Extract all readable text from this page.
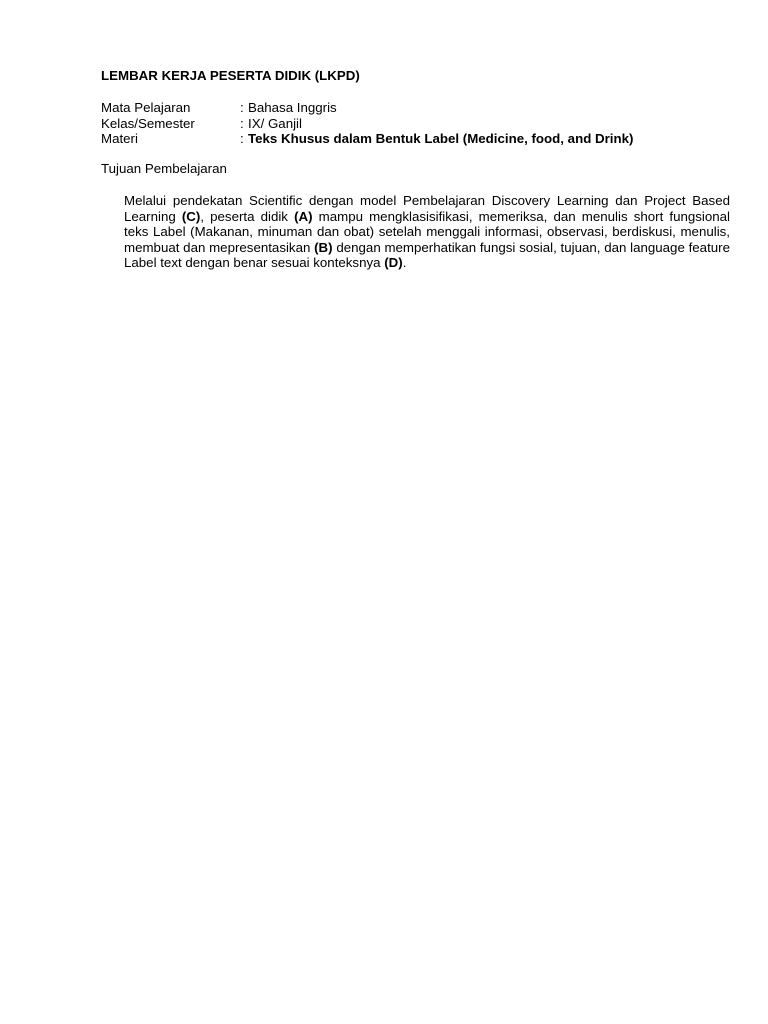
LEMBAR KERJA PESERTA DIDIK (LKPD)
Mata Pelajaran	: Bahasa Inggris
Kelas/Semester	: IX/ Ganjil
Materi	: Teks Khusus dalam Bentuk Label (Medicine, food, and Drink)
Tujuan Pembelajaran

Melalui pendekatan Scientific dengan model Pembelajaran Discovery Learning dan Project Based Learning (C), peserta didik (A) mampu mengklasisifikasi, memeriksa, dan menulis short fungsional teks Label (Makanan, minuman dan obat) setelah menggali informasi, observasi, berdiskusi, menulis, membuat dan mepresentasikan (B) dengan memperhatikan fungsi sosial, tujuan, dan language feature Label text dengan benar sesuai konteksnya (D).
